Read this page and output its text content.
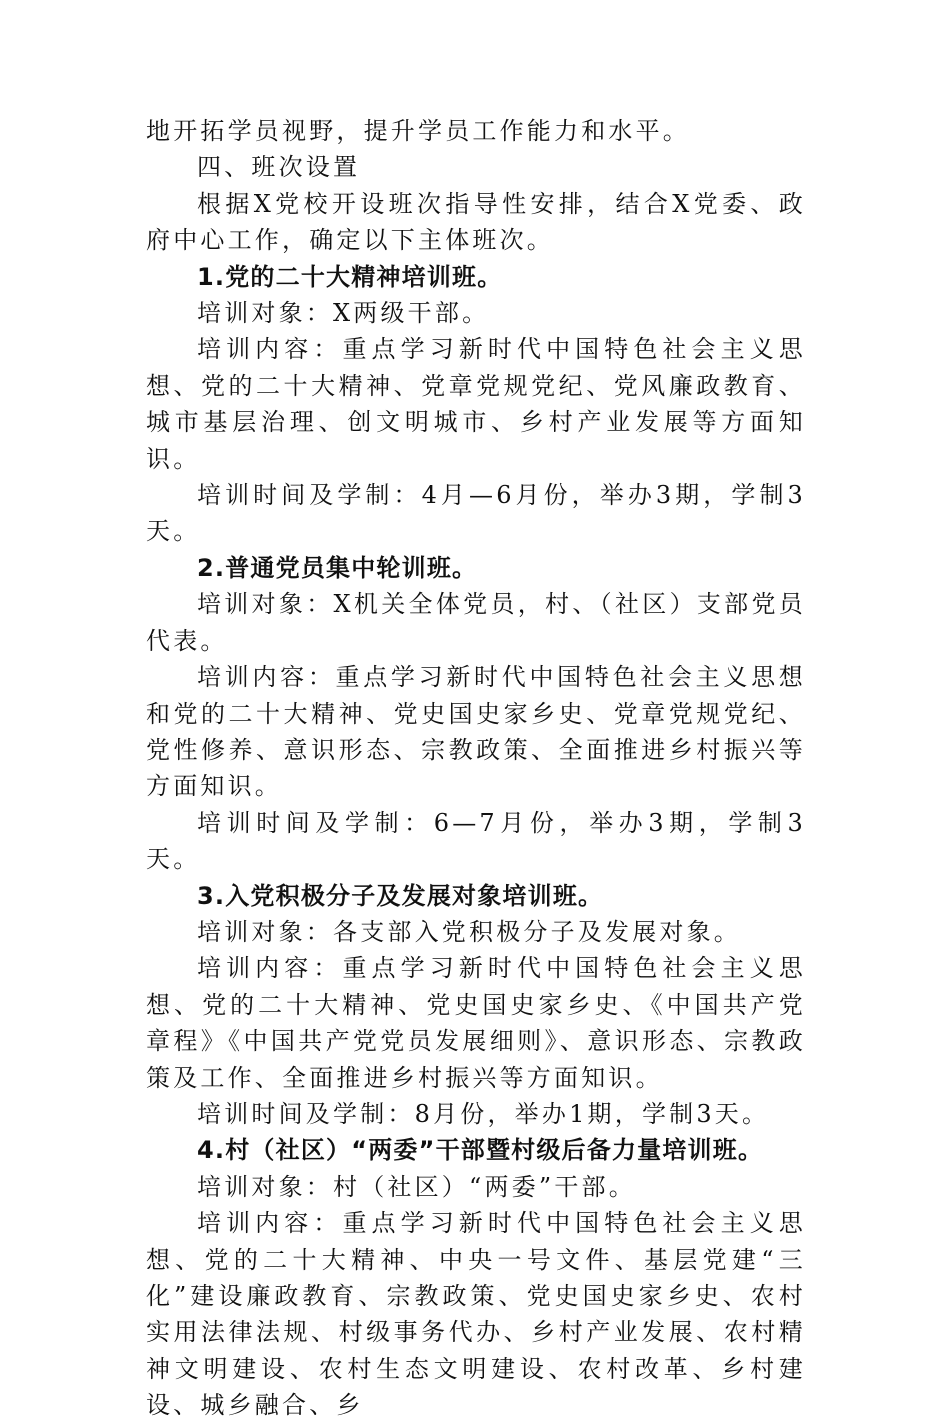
地开拓学员视野，提升学员工作能力和水平。

四、班次设置

根据X党校开设班次指导性安排，结合X党委、政府中心工作，确定以下主体班次。

1.党的二十大精神培训班。

培训对象：X两级干部。

培训内容：重点学习新时代中国特色社会主义思想、党的二十大精神、党章党规党纪、党风廉政教育、城市基层治理、创文明城市、乡村产业发展等方面知识。

培训时间及学制：4月—6月份，举办3期，学制3天。

2.普通党员集中轮训班。

培训对象：X机关全体党员，村、（社区）支部党员代表。

培训内容：重点学习新时代中国特色社会主义思想和党的二十大精神、党史国史家乡史、党章党规党纪、党性修养、意识形态、宗教政策、全面推进乡村振兴等方面知识。

培训时间及学制：6—7月份，举办3期，学制3天。

3.入党积极分子及发展对象培训班。

培训对象：各支部入党积极分子及发展对象。

培训内容：重点学习新时代中国特色社会主义思想、党的二十大精神、党史国史家乡史、《中国共产党章程》《中国共产党党员发展细则》、意识形态、宗教政策及工作、全面推进乡村振兴等方面知识。

培训时间及学制：8月份，举办1期，学制3天。

4.村（社区）“两委”干部暨村级后备力量培训班。

培训对象：村（社区）“两委”干部。

培训内容：重点学习新时代中国特色社会主义思想、党的二十大精神、中央一号文件、基层党建“三化”建设廉政教育、宗教政策、党史国史家乡史、农村实用法律法规、村级事务代办、乡村产业发展、农村精神文明建设、农村生态文明建设、农村改革、乡村建设、城乡融合、乡
